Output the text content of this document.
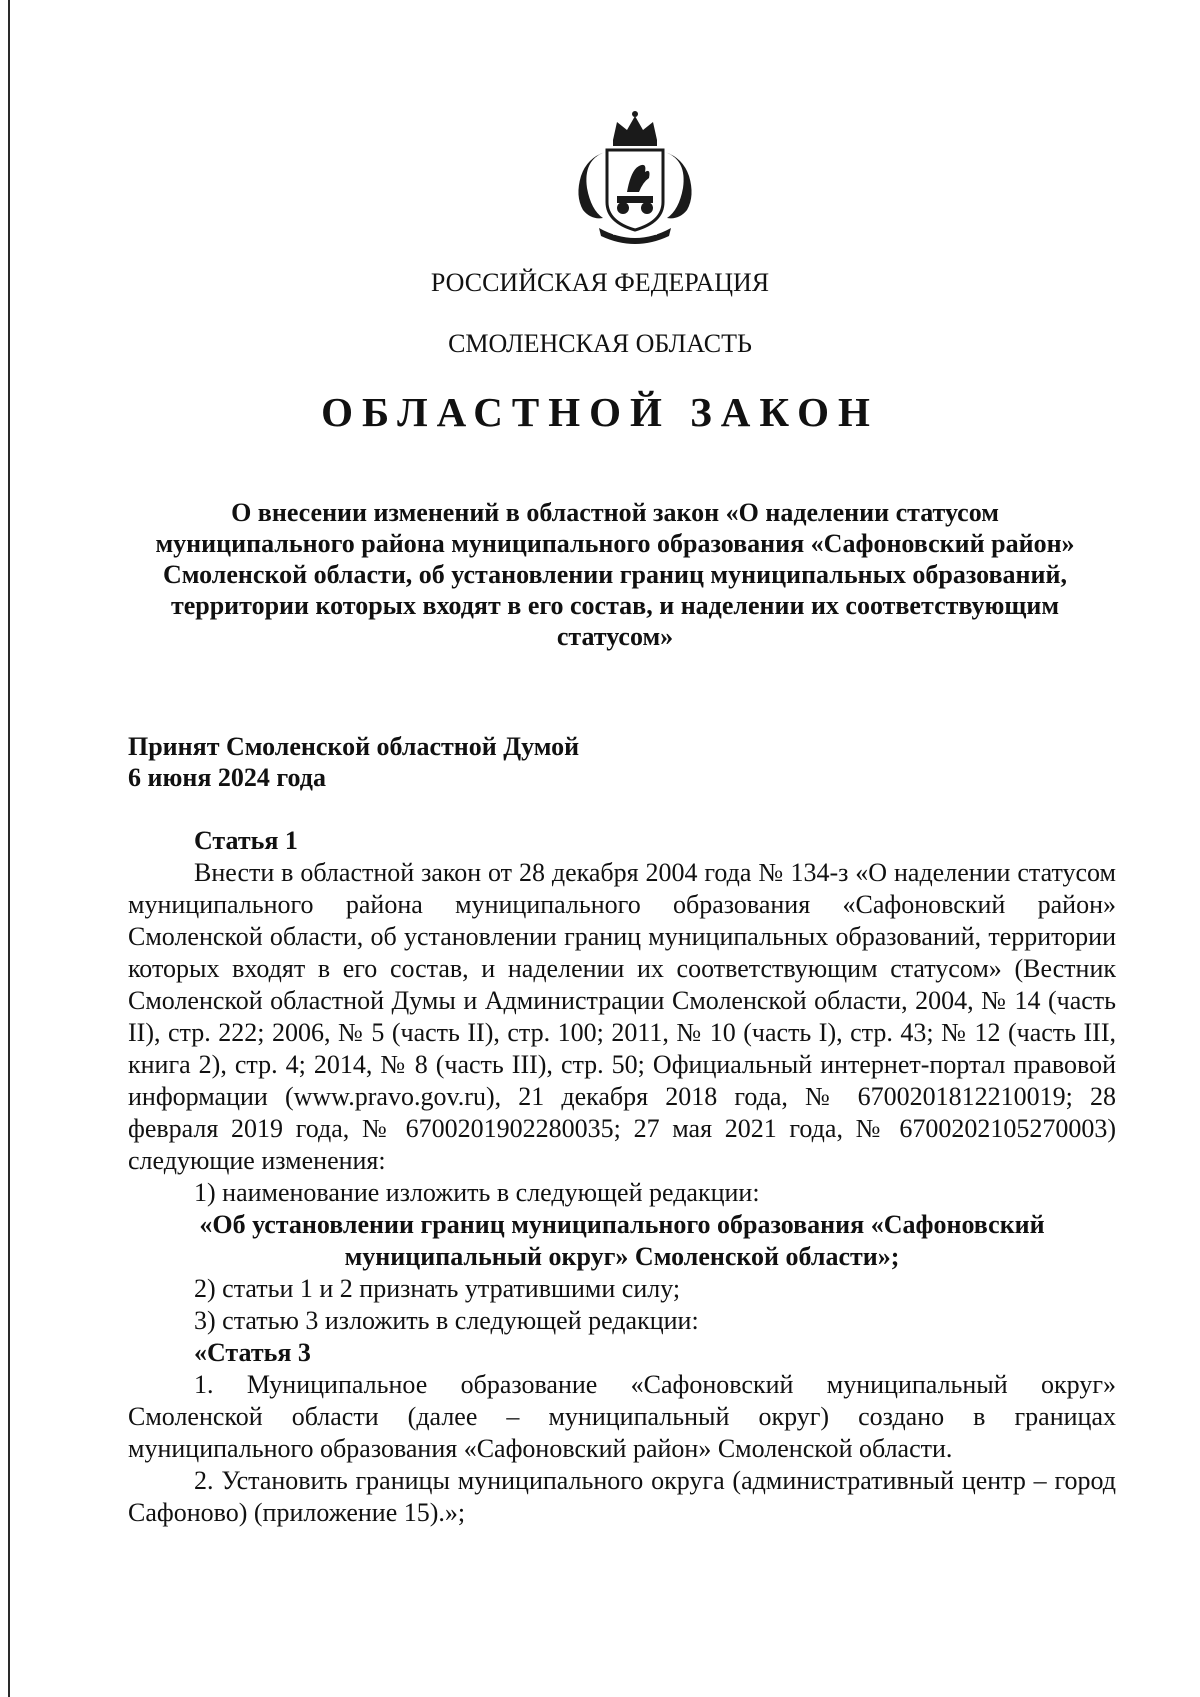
РОССИЙСКАЯ ФЕДЕРАЦИЯ
СМОЛЕНСКАЯ ОБЛАСТЬ
ОБЛАСТНОЙ ЗАКОН
О внесении изменений в областной закон «О наделении статусом муниципального района муниципального образования «Сафоновский район» Смоленской области, об установлении границ муниципальных образований, территории которых входят в его состав, и наделении их соответствующим статусом»
Принят Смоленской областной Думой
6 июня 2024 года

Статья 1

Внести в областной закон от 28 декабря 2004 года № 134-з «О наделении статусом муниципального района муниципального образования «Сафоновский район» Смоленской области, об установлении границ муниципальных образований, территории которых входят в его состав, и наделении их соответствующим статусом» (Вестник Смоленской областной Думы и Администрации Смоленской области, 2004, № 14 (часть II), стр. 222; 2006, № 5 (часть II), стр. 100; 2011, № 10 (часть I), стр. 43; № 12 (часть III, книга 2), стр. 4; 2014, № 8 (часть III), стр. 50; Официальный интернет-портал правовой информации (www.pravo.gov.ru), 21 декабря 2018 года, № 6700201812210019; 28 февраля 2019 года, № 6700201902280035; 27 мая 2021 года, № 6700202105270003) следующие изменения:

1) наименование изложить в следующей редакции:

«Об установлении границ муниципального образования «Сафоновский муниципальный округ» Смоленской области»;

2) статьи 1 и 2 признать утратившими силу;

3) статью 3 изложить в следующей редакции:

«Статья 3

1. Муниципальное образование «Сафоновский муниципальный округ» Смоленской области (далее – муниципальный округ) создано в границах муниципального образования «Сафоновский район» Смоленской области.

2. Установить границы муниципального округа (административный центр – город Сафоново) (приложение 15).»;
